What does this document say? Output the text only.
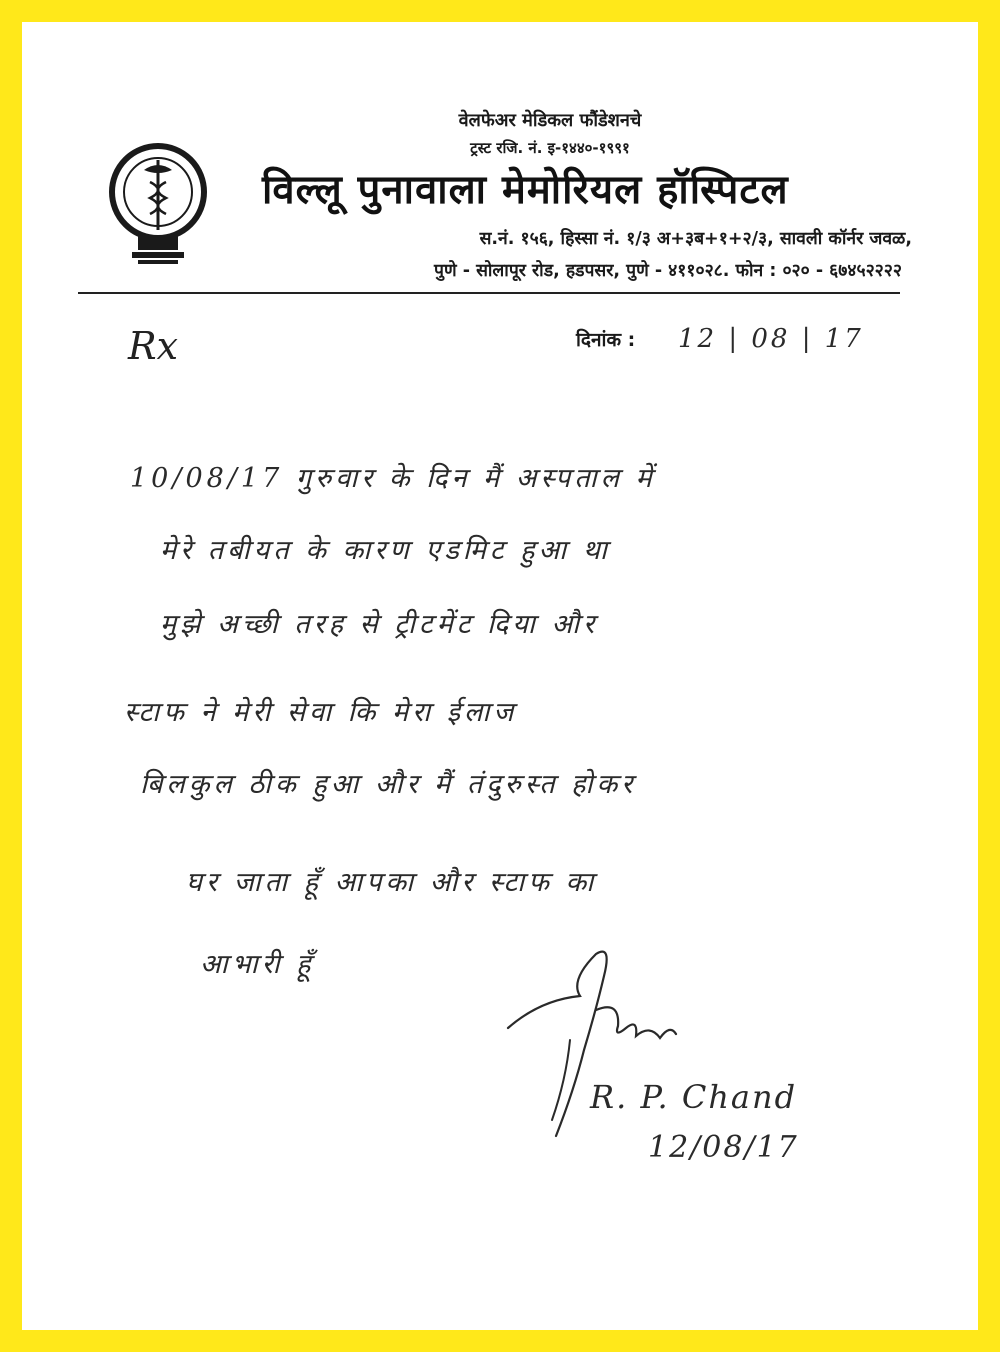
वेलफेअर मेडिकल फौंडेशनचे
ट्रस्ट रजि. नं. इ-१४४०-१९९१
विल्लू पुनावाला मेमोरियल हॉस्पिटल
स.नं. १५६, हिस्सा नं. १/३ अ+३ब+१+२/३, सावली कॉर्नर जवळ,
पुणे - सोलापूर रोड, हडपसर, पुणे - ४११०२८. फोन : ०२० - ६७४५२२२२
Rx	दिनांक : 12 | 08 | 17
10/08/17 गुरुवार के दिन मैं अस्पताल में
मेरे तबीयत के कारण एडमिट हुआ था
मुझे अच्छी तरह से ट्रीटमेंट दिया और
स्टाफ ने मेरी सेवा कि मेरा ईलाज
बिलकुल ठीक हुआ और मैं तंदुरुस्त होकर
घर जाता हूँ आपका और स्टाफ का
आभारी हूँ
R. P. Chand
12/08/17
